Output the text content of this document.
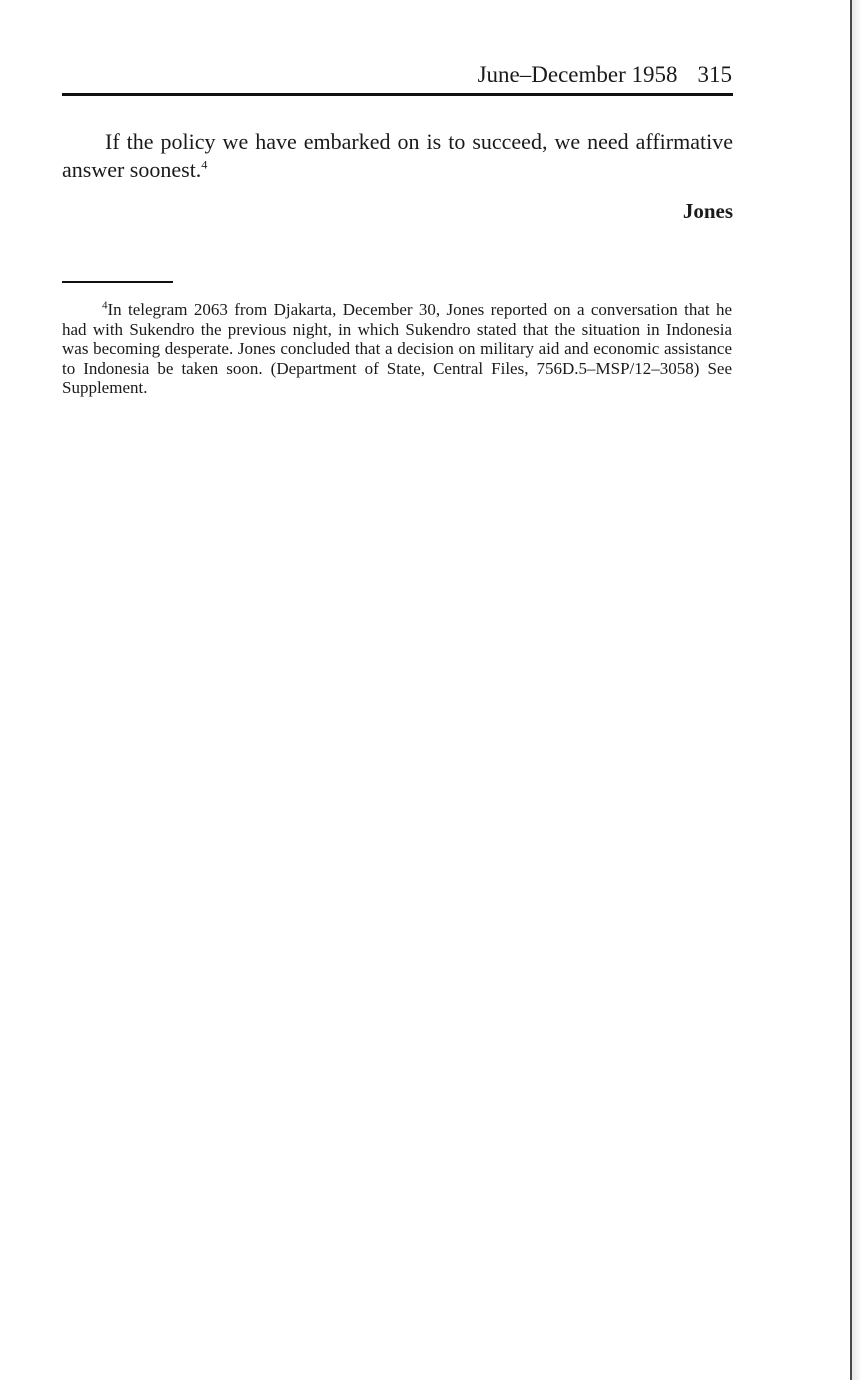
June–December 1958 315

If the policy we have embarked on is to succeed, we need affirmative answer soonest.$^4$

Jones

$^4$In telegram 2063 from Djakarta, December 30, Jones reported on a conversation that he had with Sukendro the previous night, in which Sukendro stated that the situation in Indonesia was becoming desperate. Jones concluded that a decision on military aid and economic assistance to Indonesia be taken soon. (Department of State, Central Files, 756D.5–MSP/12–3058) See Supplement.
